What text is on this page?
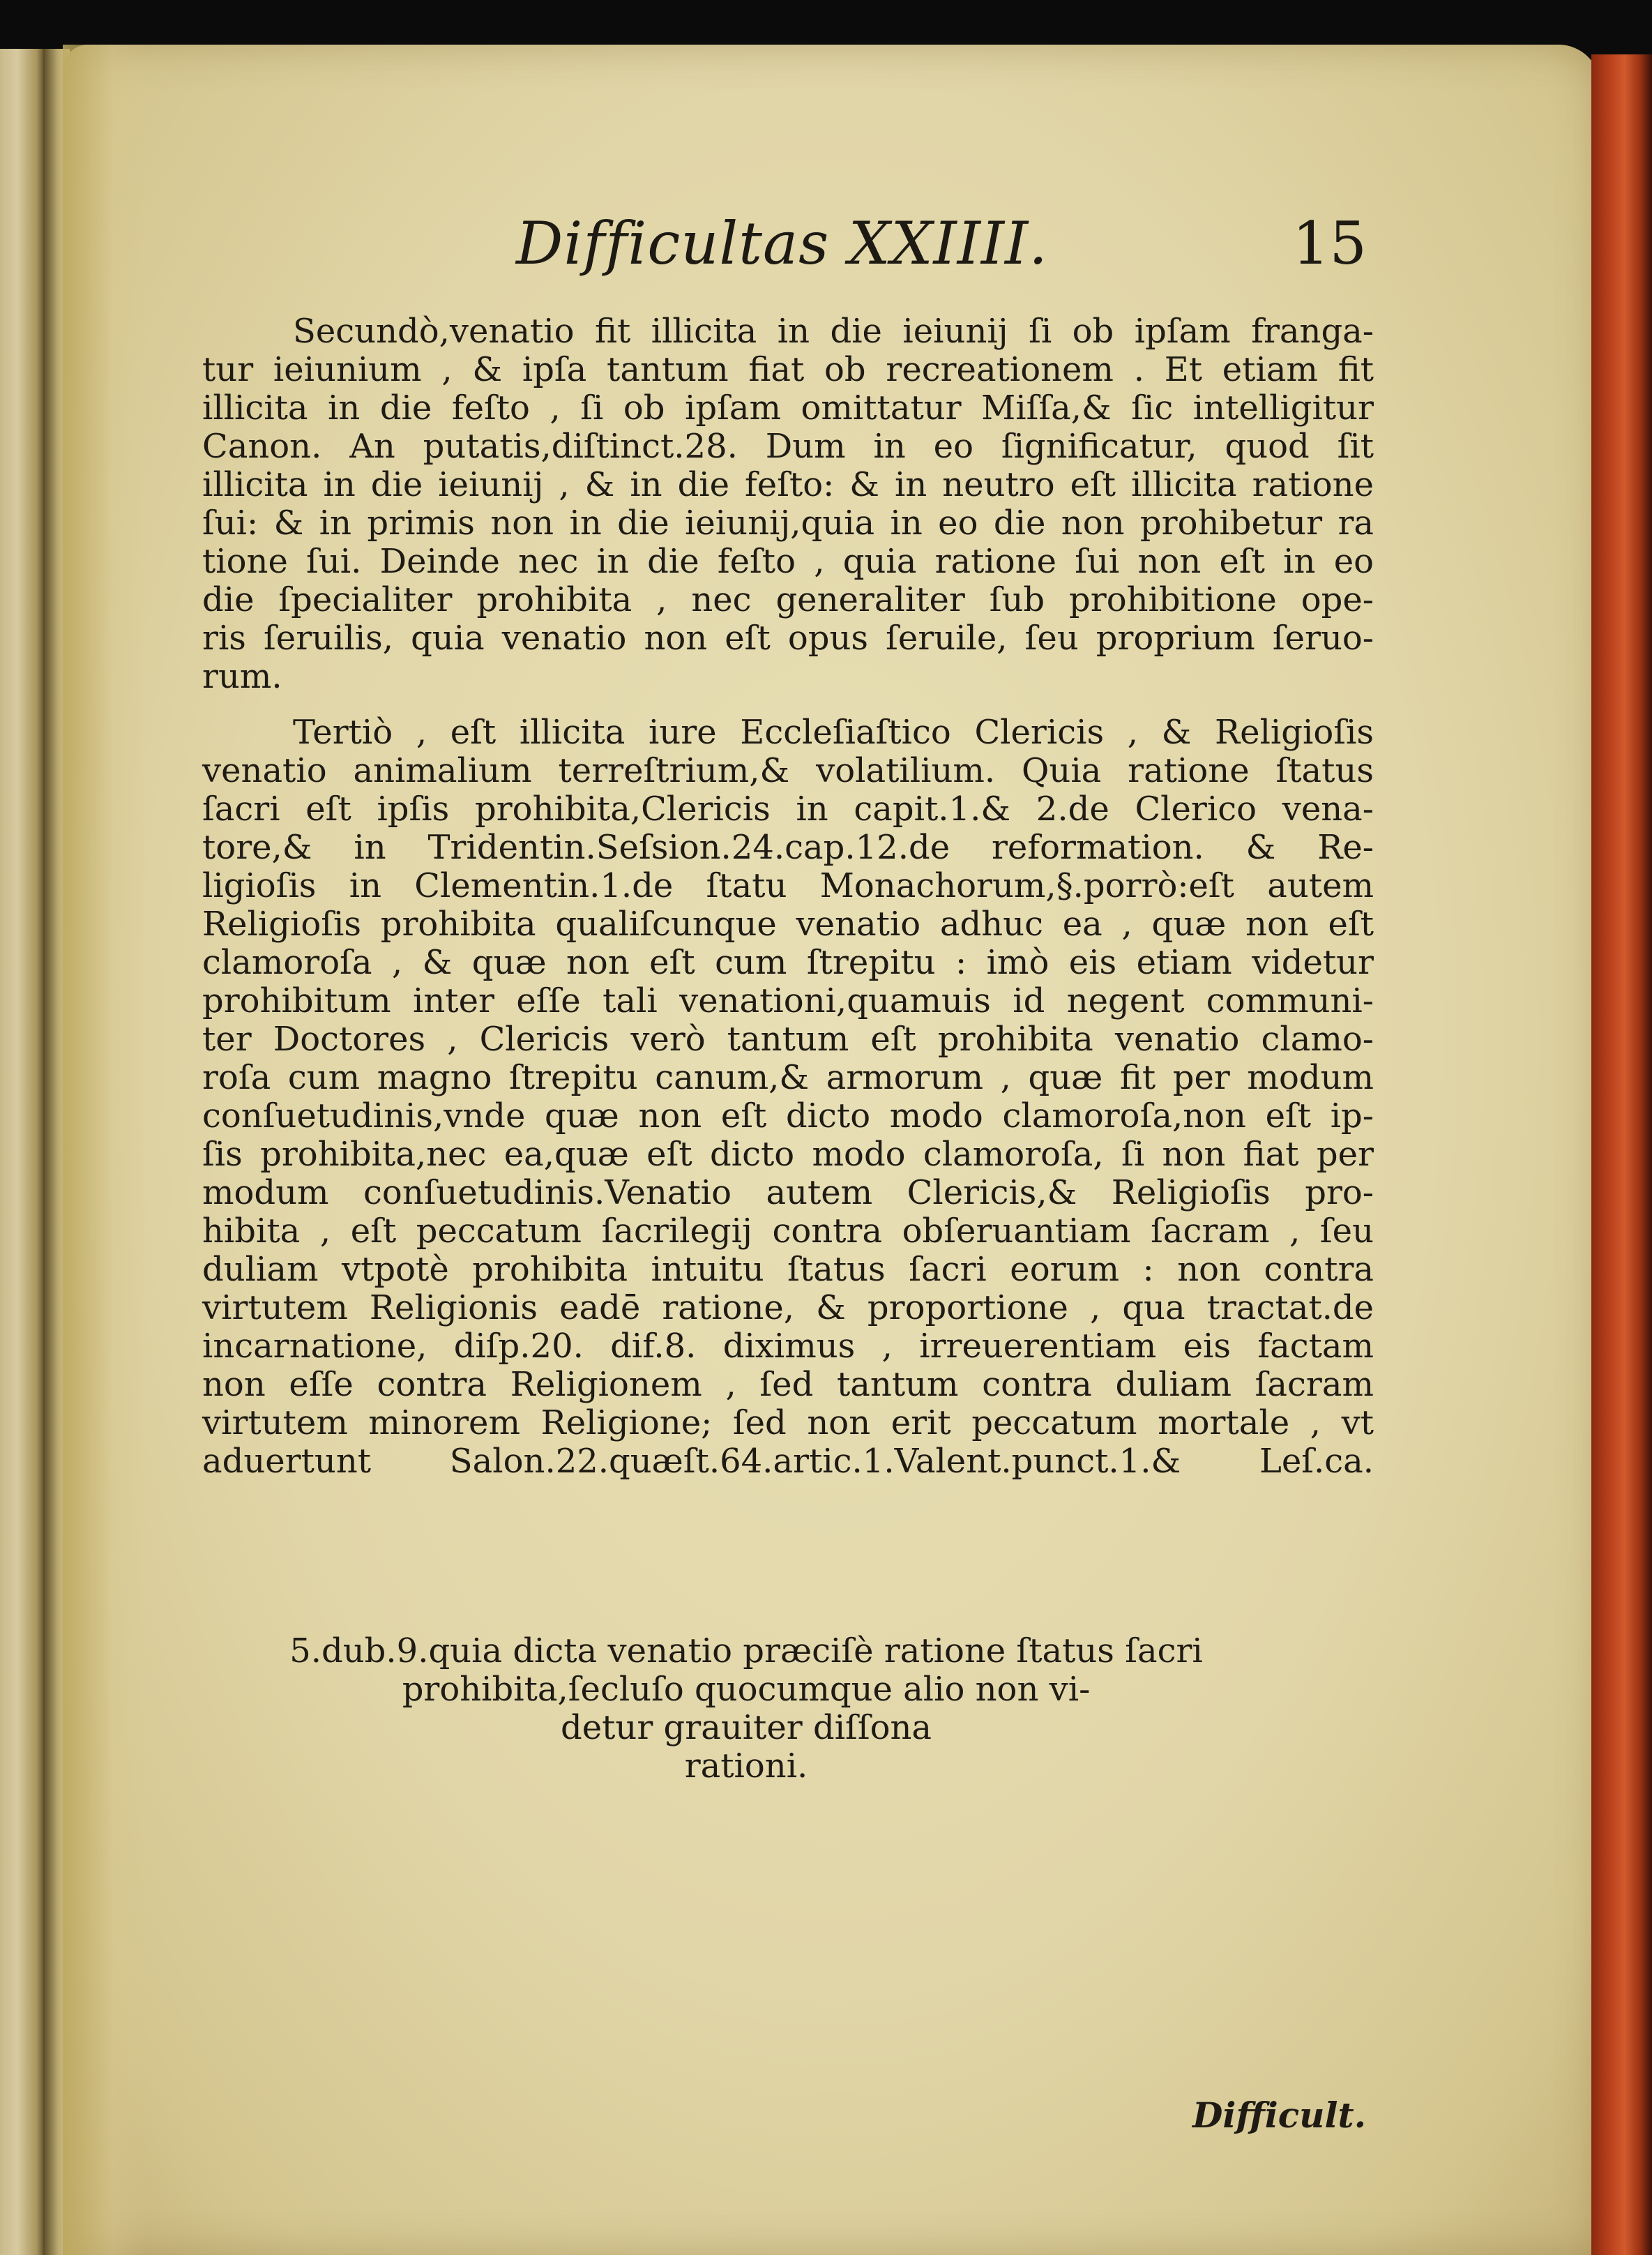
Difficultas XXIIII.	15
Secundò,venatio fit illicita in die ieiunij ſi ob ipſam franga-
tur ieiunium , & ipſa tantum fiat ob recreationem . Et etiam fit
illicita in die feſto , ſi ob ipſam omittatur Miſſa,& ſic intelligitur
Canon. An putatis,diſtinct.28. Dum in eo ſignificatur, quod ſit
illicita in die ieiunij , & in die feſto: & in neutro eſt illicita ratione
ſui: & in primis non in die ieiunij,quia in eo die non prohibetur ra
tione ſui. Deinde nec in die feſto , quia ratione ſui non eſt in eo
die ſpecialiter prohibita , nec generaliter ſub prohibitione ope-
ris ſeruilis, quia venatio non eſt opus ſeruile, ſeu proprium ſeruo-
rum.
Tertiò , eſt illicita iure Eccleſiaſtico Clericis , & Religioſis
venatio animalium terreſtrium,& volatilium. Quia ratione ſtatus
ſacri eſt ipſis prohibita,Clericis in capit.1.& 2.de Clerico vena-
tore,& in Tridentin.Seſsion.24.cap.12.de reformation. & Re-
ligioſis in Clementin.1.de ſtatu Monachorum,§.porrò:eſt autem
Religioſis prohibita qualiſcunque venatio adhuc ea , quæ non eſt
clamoroſa , & quæ non eſt cum ſtrepitu : imò eis etiam videtur
prohibitum inter eſſe tali venationi,quamuis id negent communi-
ter Doctores , Clericis verò tantum eſt prohibita venatio clamo-
roſa cum magno ſtrepitu canum,& armorum , quæ fit per modum
conſuetudinis,vnde quæ non eſt dicto modo clamoroſa,non eſt ip-
ſis prohibita,nec ea,quæ eſt dicto modo clamoroſa, ſi non fiat per
modum conſuetudinis.Venatio autem Clericis,& Religioſis pro-
hibita , eſt peccatum ſacrilegij contra obſeruantiam ſacram , ſeu
duliam vtpotè prohibita intuitu ſtatus ſacri eorum : non contra
virtutem Religionis eadē ratione, & proportione , qua tractat.de
incarnatione, diſp.20. dif.8. diximus , irreuerentiam eis factam
non eſſe contra Religionem , ſed tantum contra duliam ſacram
virtutem minorem Religione; ſed non erit peccatum mortale , vt
aduertunt Salon.22.quæſt.64.artic.1.Valent.punct.1.& Leſ.ca.
5.dub.9.quia dicta venatio præciſè ratione ſtatus ſacri
prohibita,ſecluſo quocumque alio non vi-
detur grauiter diſſona
rationi.
Difficult.
